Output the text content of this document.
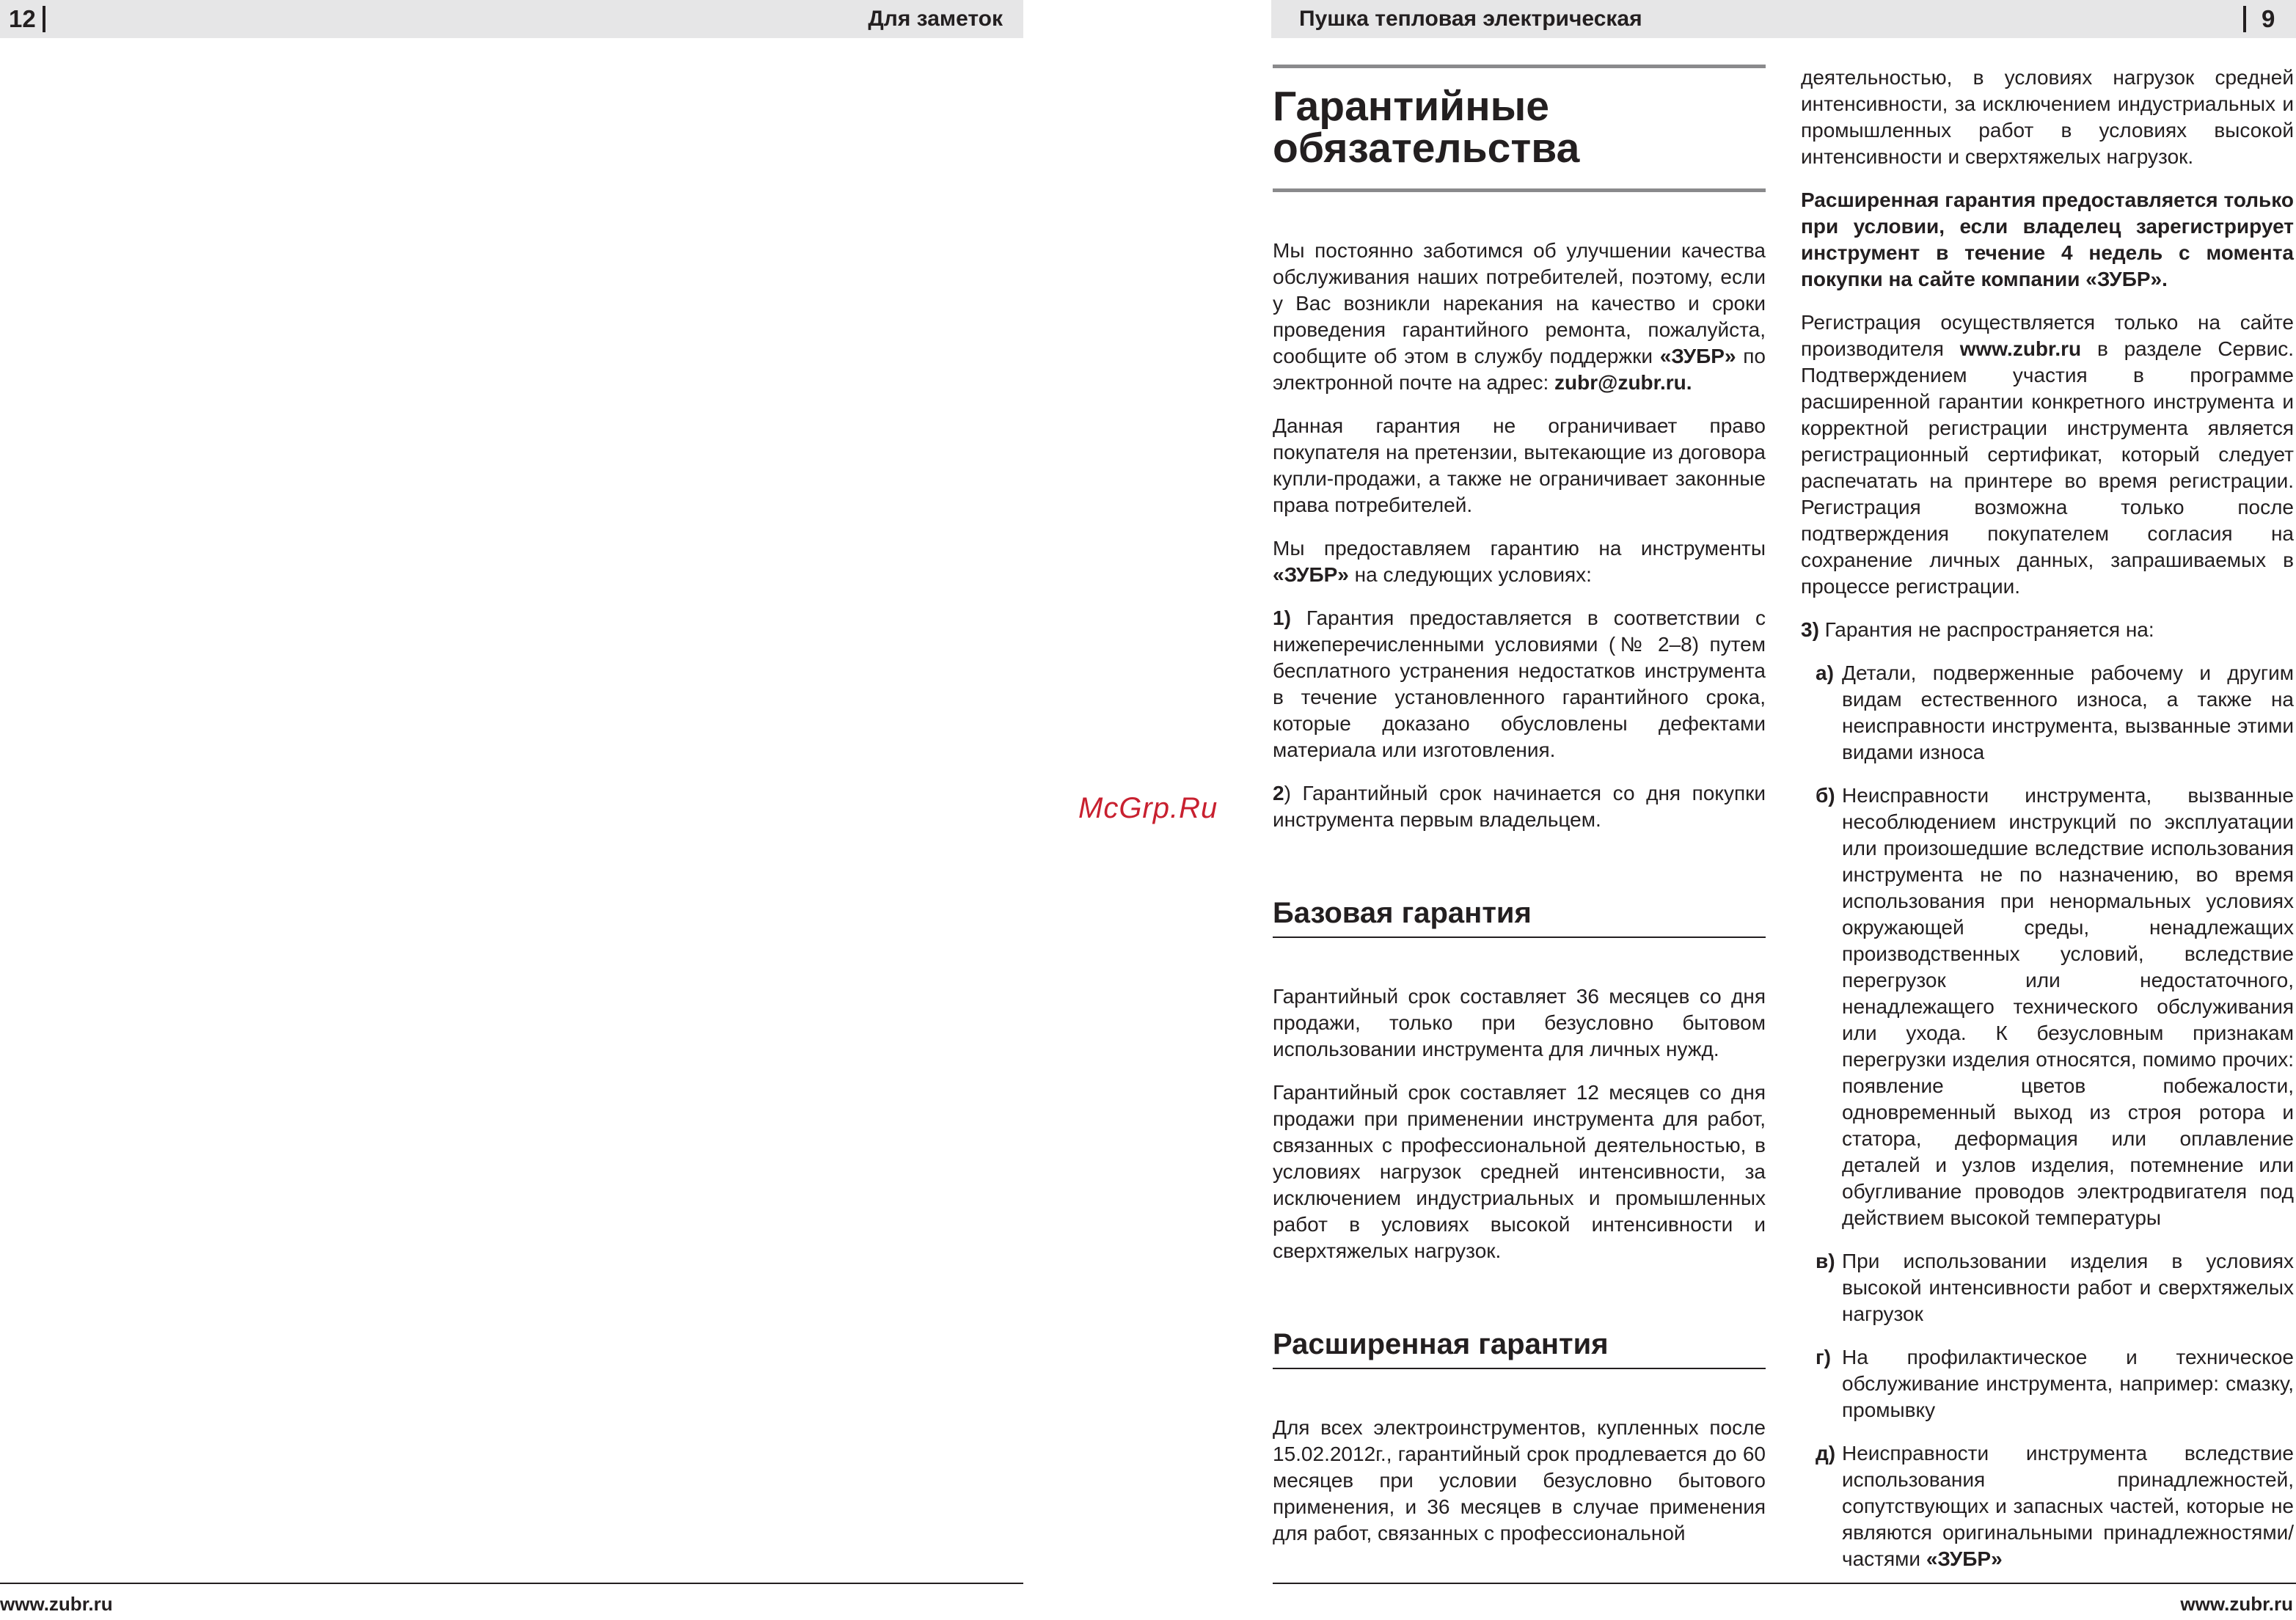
12	Для заметок	Пушка тепловая электрическая	9
McGrp.Ru
Гарантийные
обязательства

Мы постоянно заботимся об улучшении качества обслуживания наших потребителей, поэтому, если у Вас возникли нарекания на качество и сроки проведения гарантийного ремонта, пожалуйста, сообщите об этом в службу поддержки «ЗУБР» по электронной почте на адрес: zubr@zubr.ru.

Данная гарантия не ограничивает право покупателя на претензии, вытекающие из договора купли-продажи, а также не ограничивает законные права потребителей.

Мы предоставляем гарантию на инструменты «ЗУБР» на следующих условиях:

1) Гарантия предоставляется в соответствии с нижеперечисленными условиями (№ 2–8) путем бесплатного устранения недостатков инструмента в течение установленного гарантийного срока, которые доказано обусловлены дефектами материала или изготовления.

2) Гарантийный срок начинается со дня покупки инструмента первым владельцем.

Базовая гарантия

Гарантийный срок составляет 36 месяцев со дня продажи, только при безусловно бытовом использовании инструмента для личных нужд.

Гарантийный срок составляет 12 месяцев со дня продажи при применении инструмента для работ, связанных с профессиональной деятельностью, в условиях нагрузок средней интенсивности, за исключением индустриальных и промышленных работ в условиях высокой интенсивности и сверхтяжелых нагрузок.

Расширенная гарантия

Для всех электроинструментов, купленных после 15.02.2012г., гарантийный срок продлевается до 60 месяцев при условии безусловно бытового применения, и 36 месяцев в случае применения для работ, связанных с профессиональной

деятельностью, в условиях нагрузок средней интенсивности, за исключением индустриальных и промышленных работ в условиях высокой интенсивности и сверхтяжелых нагрузок.

Расширенная гарантия предоставляется только при условии, если владелец зарегистрирует инструмент в течение 4 недель с момента покупки на сайте компании «ЗУБР».

Регистрация осуществляется только на сайте производителя www.zubr.ru в разделе Сервис. Подтверждением участия в программе расширенной гарантии конкретного инструмента и корректной регистрации инструмента является регистрационный сертификат, который следует распечатать на принтере во время регистрации. Регистрация возможна только после подтверждения покупателем согласия на сохранение личных данных, запрашиваемых в процессе регистрации.

3) Гарантия не распространяется на:

а) Детали, подверженные рабочему и другим видам естественного износа, а также на неисправности инструмента, вызванные этими видами износа
б) Неисправности инструмента, вызванные несоблюдением инструкций по эксплуатации или произошедшие вследствие использования инструмента не по назначению, во время использования при ненормальных условиях окружающей среды, ненадлежащих производственных условий, вследствие перегрузок или недостаточного, ненадлежащего технического обслуживания или ухода. К безусловным признакам перегрузки изделия относятся, помимо прочих: появление цветов побежалости, одновременный выход из строя ротора и статора, деформация или оплавление деталей и узлов изделия, потемнение или обугливание проводов электродвигателя под действием высокой температуры
в) При использовании изделия в условиях высокой интенсивности работ и сверхтяжелых нагрузок
г) На профилактическое и техническое обслуживание инструмента, например: смазку, промывку
д) Неисправности инструмента вследствие использования принадлежностей, сопутствующих и запасных частей, которые не являются оригинальными принадлежностями/частями «ЗУБР»
www.zubr.ru	www.zubr.ru
